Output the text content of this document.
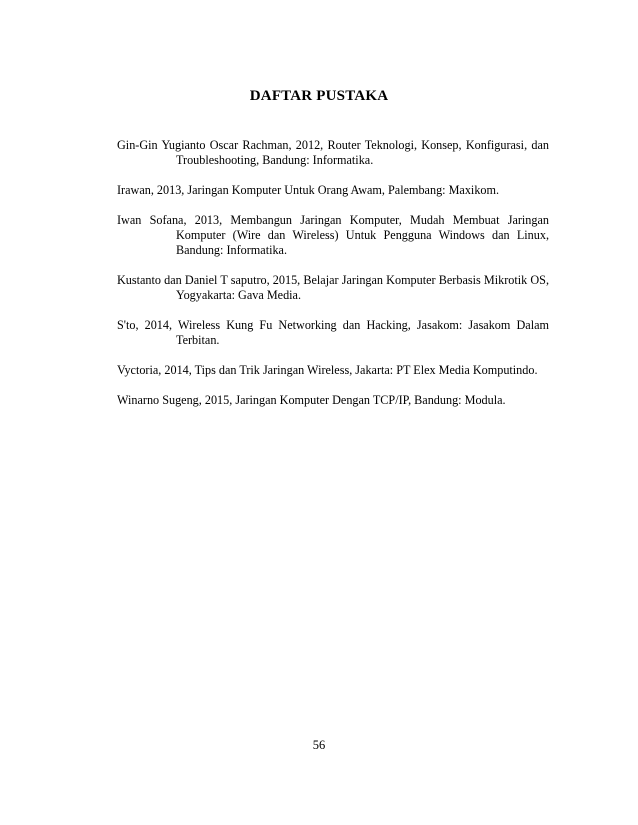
DAFTAR PUSTAKA
Gin-Gin Yugianto Oscar Rachman, 2012, Router Teknologi, Konsep, Konfigurasi, dan Troubleshooting, Bandung: Informatika.
Irawan, 2013, Jaringan Komputer Untuk Orang Awam, Palembang: Maxikom.
Iwan Sofana, 2013, Membangun Jaringan Komputer, Mudah Membuat Jaringan Komputer (Wire dan Wireless) Untuk Pengguna Windows dan Linux, Bandung: Informatika.
Kustanto dan Daniel T saputro, 2015, Belajar Jaringan Komputer Berbasis Mikrotik OS, Yogyakarta: Gava Media.
S'to, 2014, Wireless Kung Fu Networking dan Hacking, Jasakom: Jasakom Dalam Terbitan.
Vyctoria, 2014, Tips dan Trik Jaringan Wireless, Jakarta: PT Elex Media Komputindo.
Winarno Sugeng, 2015, Jaringan Komputer Dengan TCP/IP, Bandung: Modula.
56
